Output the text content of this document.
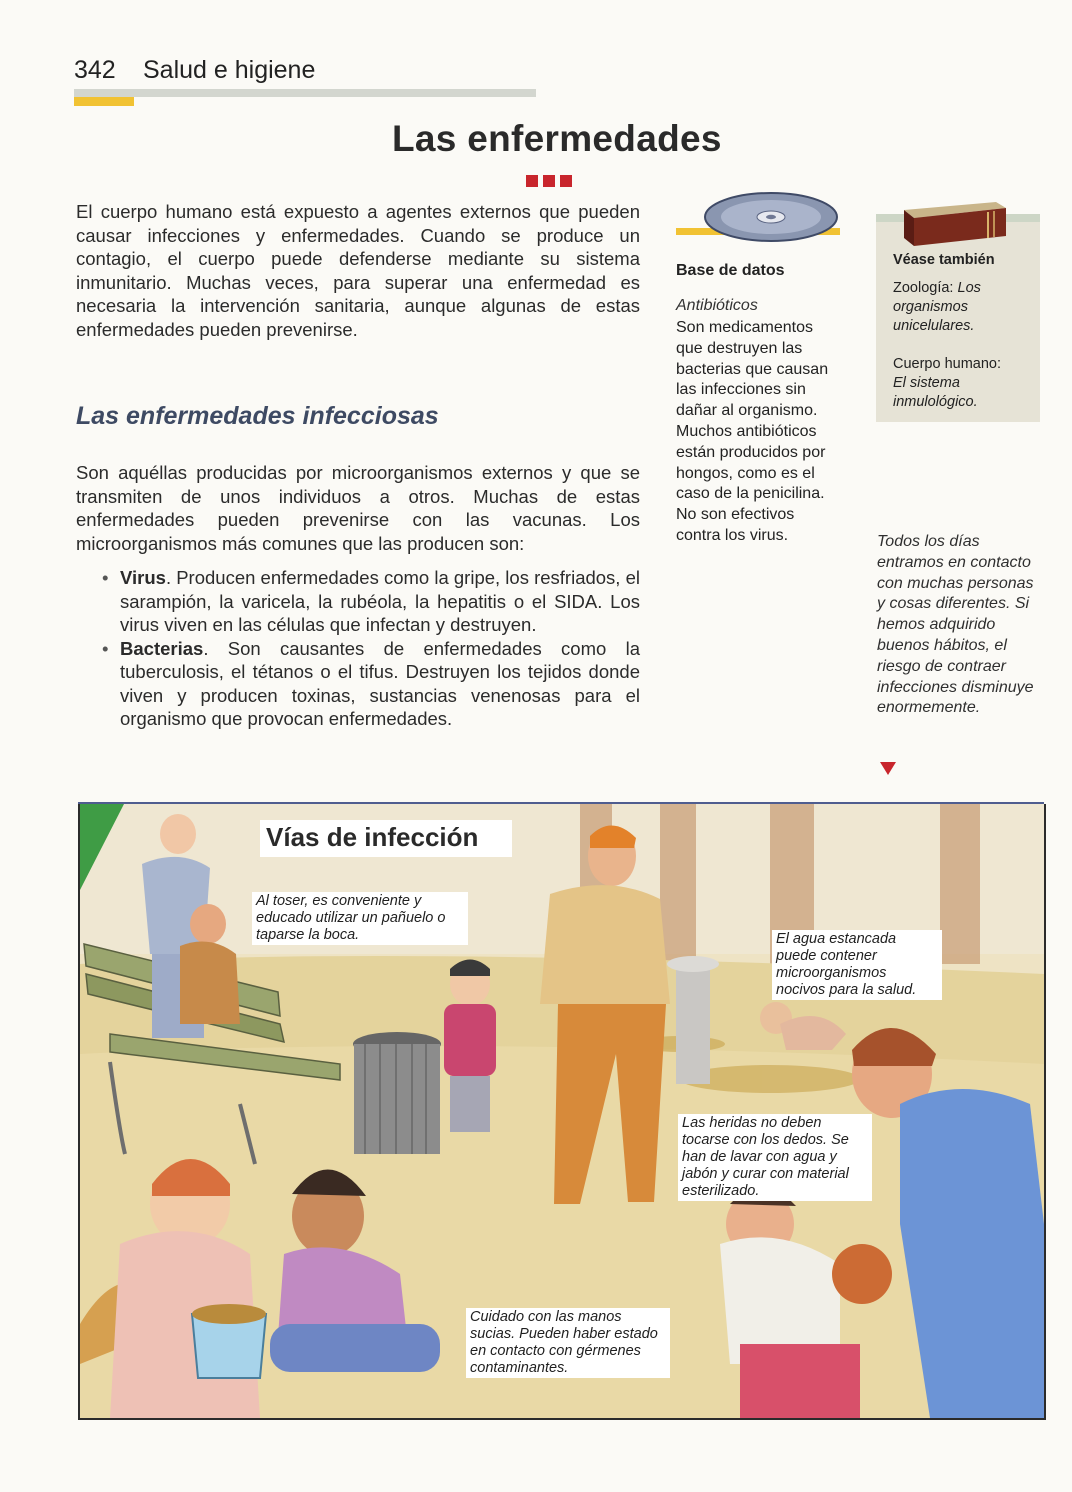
342 Salud e higiene
Las enfermedades
El cuerpo humano está expuesto a agentes externos que pueden causar infecciones y enfermedades. Cuando se produce un contagio, el cuerpo puede defenderse mediante su sistema inmunitario. Muchas veces, para superar una enfermedad es necesaria la intervención sanitaria, aunque algunas de estas enfermedades pueden prevenirse.
Las enfermedades infecciosas
Son aquéllas producidas por microorganismos externos y que se transmiten de unos individuos a otros. Muchas de estas enfermedades pueden prevenirse con las vacunas. Los microorganismos más comunes que las producen son:
• Virus. Producen enfermedades como la gripe, los resfriados, el sarampión, la varicela, la rubéola, la hepatitis o el SIDA. Los virus viven en las células que infectan y destruyen.
• Bacterias. Son causantes de enfermedades como la tuberculosis, el tétanos o el tifus. Destruyen los tejidos donde viven y producen toxinas, sustancias venenosas para el organismo que provocan enfermedades.
Base de datos
Antibióticos
Son medicamentos que destruyen las bacterias que causan las infecciones sin dañar al organismo. Muchos antibióticos están producidos por hongos, como es el caso de la penicilina. No son efectivos contra los virus.
Véase también
Zoología: Los organismos unicelulares.
Cuerpo humano:
El sistema inmulológico.
Todos los días entramos en contacto con muchas personas y cosas diferentes. Si hemos adquirido buenos hábitos, el riesgo de contraer infecciones disminuye enormemente.
Vías de infección
Al toser, es conveniente y educado utilizar un pañuelo o taparse la boca.	El agua estancada puede contener microorganismos nocivos para la salud.
Las heridas no deben tocarse con los dedos. Se han de lavar con agua y jabón y curar con material esterilizado.
Cuidado con las manos sucias. Pueden haber estado en contacto con gérmenes contaminantes.
